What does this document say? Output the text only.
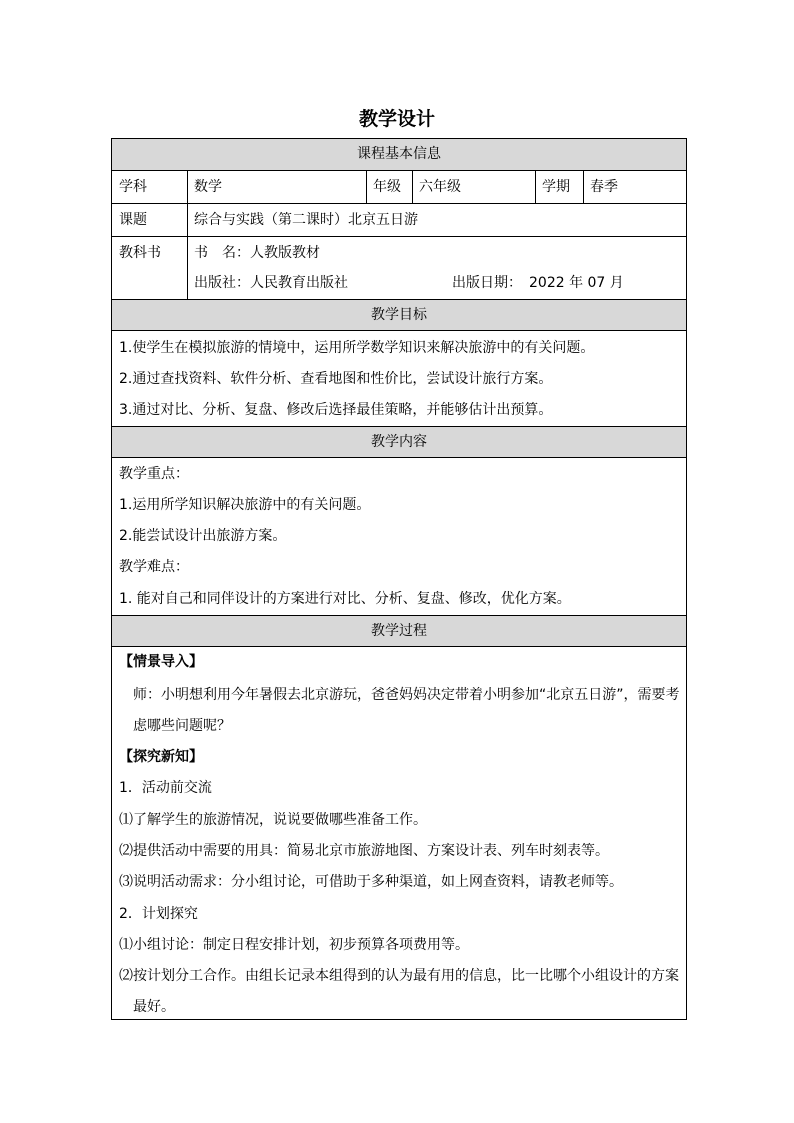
教学设计
课程基本信息
学科	数学	年级 六年级	学期 春季
课题	综合与实践（第二课时）北京五日游
教科书 书　名：人教版教材
出版社：人民教育出版社	出版日期：　2022 年 07 月
教学目标
1.使学生在模拟旅游的情境中，运用所学数学知识来解决旅游中的有关问题。
2.通过查找资料、软件分析、查看地图和性价比，尝试设计旅行方案。
3.通过对比、分析、复盘、修改后选择最佳策略，并能够估计出预算。
教学内容
教学重点：
1.运用所学知识解决旅游中的有关问题。
2.能尝试设计出旅游方案。
教学难点：
1. 能对自己和同伴设计的方案进行对比、分析、复盘、修改，优化方案。
教学过程
【情景导入】
师：小明想利用今年暑假去北京游玩，爸爸妈妈决定带着小明参加“北京五日游”，需要考
虑哪些问题呢？
【探究新知】
1．活动前交流
⑴了解学生的旅游情况，说说要做哪些准备工作。
⑵提供活动中需要的用具：简易北京市旅游地图、方案设计表、列车时刻表等。
⑶说明活动需求：分小组讨论，可借助于多种渠道，如上网查资料，请教老师等。
2．计划探究
⑴小组讨论：制定日程安排计划，初步预算各项费用等。
⑵按计划分工合作。由组长记录本组得到的认为最有用的信息，比一比哪个小组设计的方案
最好。
